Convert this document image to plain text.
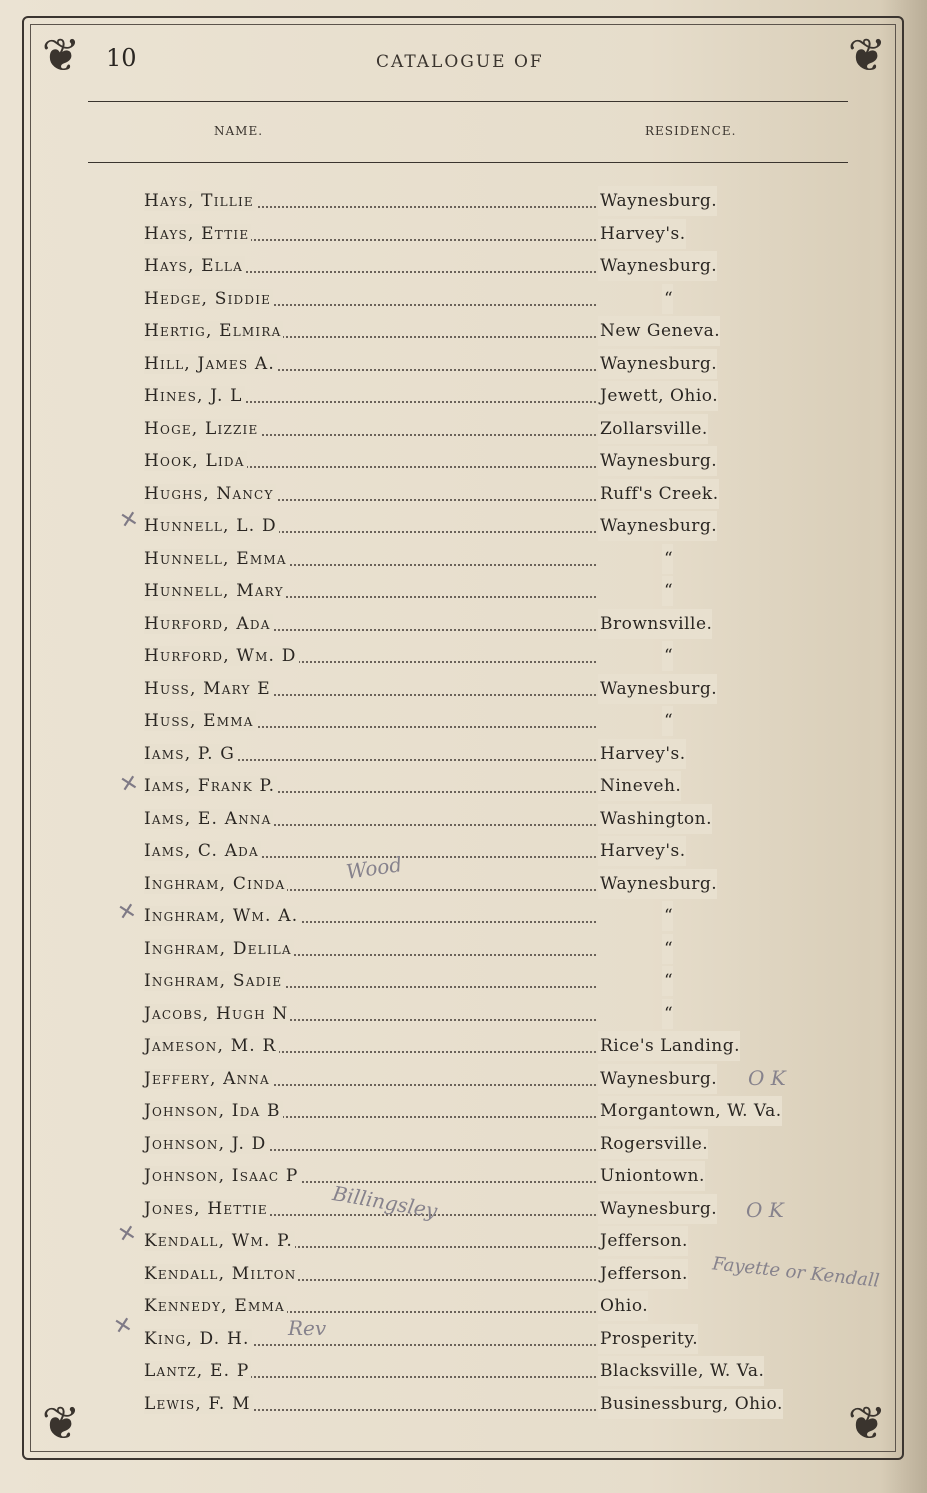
❦	❦
❦	❦
10	CATALOGUE OF
NAME.	RESIDENCE.
Hays, Tillie	Waynesburg.
Hays, Ettie	Harvey's.
Hays, Ella	Waynesburg.
Hedge, Siddie	“
Hertig, Elmira	New Geneva.
Hill, James A.	Waynesburg.
Hines, J. L	Jewett, Ohio.
Hoge, Lizzie	Zollarsville.
Hook, Lida	Waynesburg.
Hughs, Nancy	Ruff's Creek.
Hunnell, L. D	Waynesburg.
Hunnell, Emma	“
Hunnell, Mary	“
Hurford, Ada	Brownsville.
Hurford, Wm. D	“
Huss, Mary E	Waynesburg.
Huss, Emma	“
Iams, P. G	Harvey's.
Iams, Frank P.	Nineveh.
Iams, E. Anna	Washington.
Iams, C. Ada	Harvey's.
Inghram, Cinda	Waynesburg.
Inghram, Wm. A.	“
Inghram, Delila	“
Inghram, Sadie	“
Jacobs, Hugh N	“
Jameson, M. R	Rice's Landing.
Jeffery, Anna	Waynesburg.
Johnson, Ida B	Morgantown, W. Va.
Johnson, J. D	Rogersville.
Johnson, Isaac P	Uniontown.
Jones, Hettie	Waynesburg.
Kendall, Wm. P.	Jefferson.
Kendall, Milton	Jefferson.
Kennedy, Emma	Ohio.
King, D. H.	Prosperity.
Lantz, E. P	Blacksville, W. Va.
Lewis, F. M	Businessburg, Ohio.
✕
✕
✕
✕
✕
Wood
O K
Billingsley	O K
Fayette or Kendall
Rev
